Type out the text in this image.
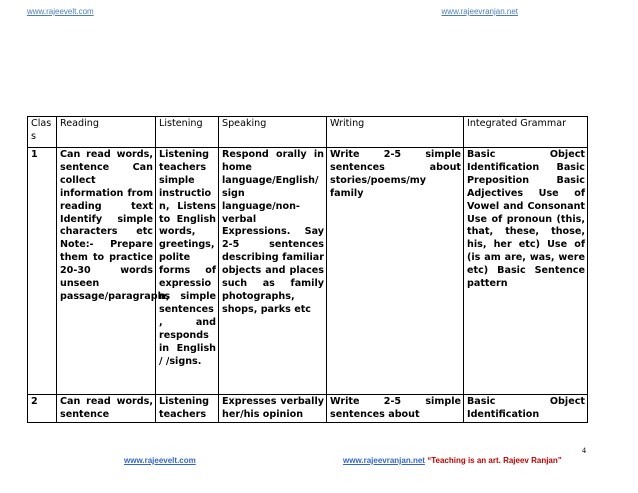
www.rajeevelt.com	www.rajeevranjan.net
Clas s	Reading	Listening	Speaking	Writing	Integrated Grammar
1	Can read words, sentence Can collect information from reading text Identify simple characters etc Note:- Prepare them to practice 20-30 words unseen passage/paragraphs	Listening teachers simple instructio n, Listens to English words, greetings, polite forms of expressio n, simple sentences , and responds in English / /signs.	Respond orally in home language/English/ sign language/non-verbal Expressions. Say 2-5 sentences describing familiar objects and places such as family photographs, shops, parks etc	Write 2-5 simple sentences about stories/poems/my family	Basic Object Identification Basic Preposition Basic Adjectives Use of Vowel and Consonant Use of pronoun (this, that, these, those, his, her etc) Use of (is am are, was, were etc) Basic Sentence pattern
2	Can read words, sentence	Listening teachers	Expresses verbally her/his opinion	Write 2-5 simple sentences about	Basic Object Identification
4
www.rajeevelt.com	www.rajeevranjan.net “Teaching is an art. Rajeev Ranjan”
